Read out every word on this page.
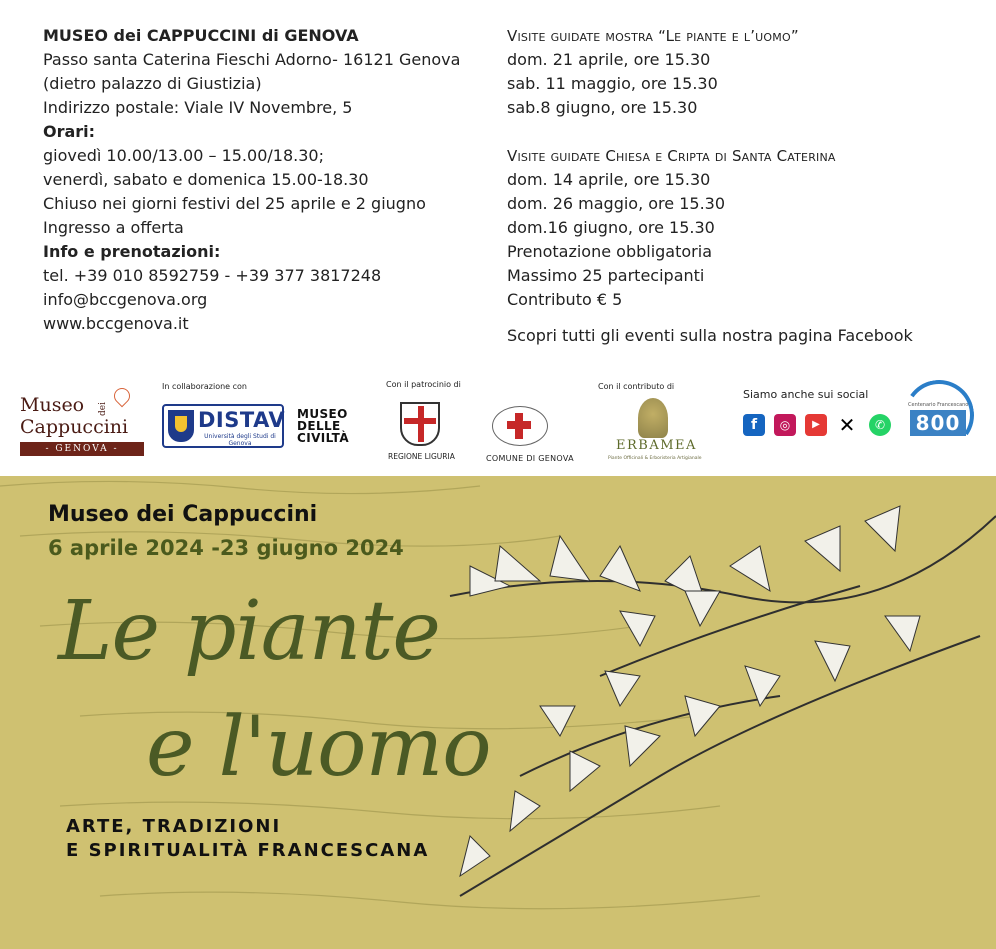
MUSEO dei CAPPUCCINI di GENOVA
Passo santa Caterina Fieschi Adorno- 16121 Genova
(dietro palazzo di Giustizia)
Indirizzo postale: Viale IV Novembre, 5
Orari:
giovedì 10.00/13.00 – 15.00/18.30;
venerdì, sabato e domenica 15.00-18.30
Chiuso nei giorni festivi del 25 aprile e 2 giugno
Ingresso a offerta
Info e prenotazioni:
tel. +39 010 8592759 - +39 377 3817248
info@bccgenova.org
www.bccgenova.it
Visite guidate mostra “Le piante e l’uomo”
dom. 21 aprile, ore 15.30
sab. 11 maggio, ore 15.30
sab.8 giugno, ore 15.30
Visite guidate Chiesa e Cripta di Santa Caterina
dom. 14 aprile, ore 15.30
dom. 26 maggio, ore 15.30
dom.16 giugno, ore 15.30
Prenotazione obbligatoria
Massimo 25 partecipanti
Contributo € 5
Scopri tutti gli eventi sulla nostra pagina Facebook
Museo dei
Cappuccini
- GENOVA -
In collaborazione con
DISTAV
Università degli Studi di Genova
MUSEO
DELLE
CIVILTÀ
Con il patrocinio di
REGIONE LIGURIA	COMUNE DI GENOVA
Con il contributo di
ERBAMEA
Piante Officinali & Erboristeria Artigianale
Siamo anche sui social
f	◎	▶ ✕	✆
Centenario Francescano
800
Museo dei Cappuccini
6 aprile 2024 -23 giugno 2024
Le piante
e l'uomo
ARTE, TRADIZIONI
E SPIRITUALITÀ FRANCESCANA
